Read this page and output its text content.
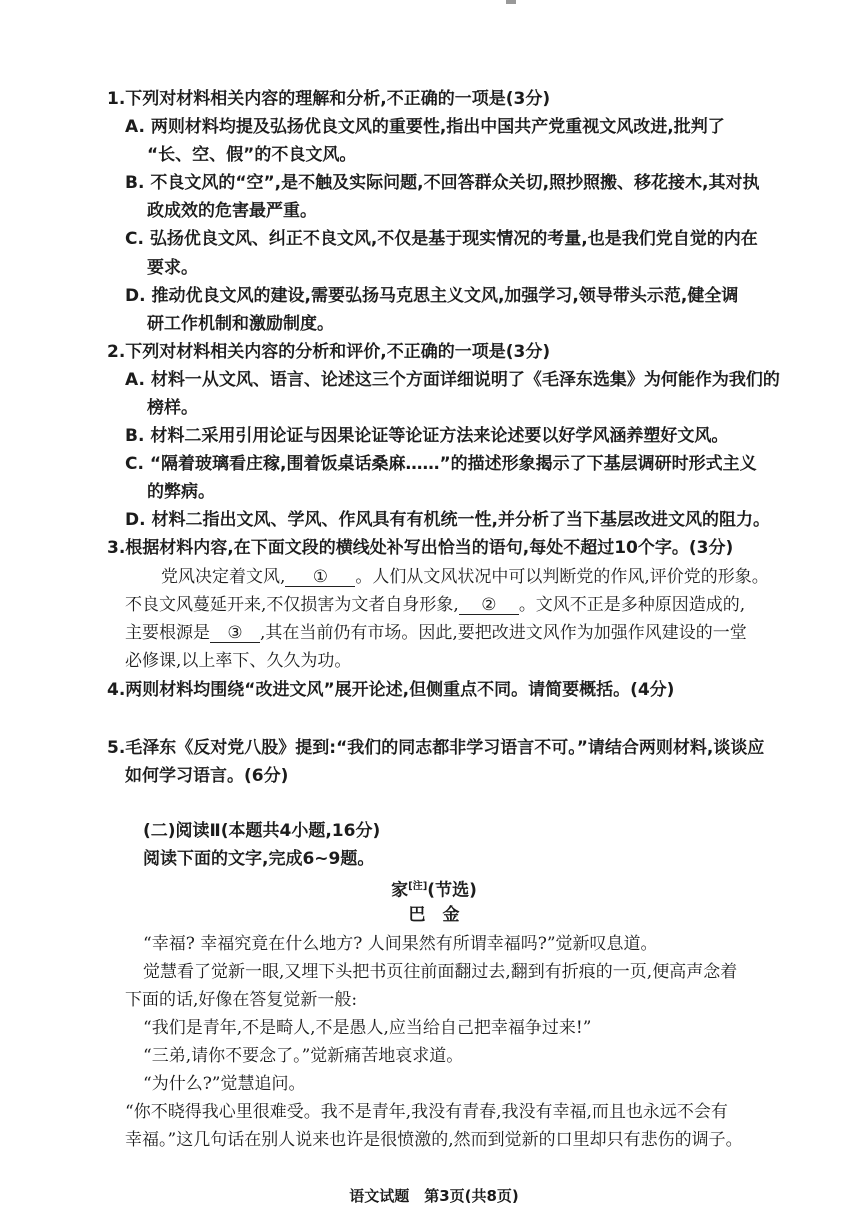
1.下列对材料相关内容的理解和分析,不正确的一项是(3分)
A. 两则材料均提及弘扬优良文风的重要性,指出中国共产党重视文风改进,批判了
“长、空、假”的不良文风。
B. 不良文风的“空”,是不触及实际问题,不回答群众关切,照抄照搬、移花接木,其对执
政成效的危害最严重。
C. 弘扬优良文风、纠正不良文风,不仅是基于现实情况的考量,也是我们党自觉的内在
要求。
D. 推动优良文风的建设,需要弘扬马克思主义文风,加强学习,领导带头示范,健全调
研工作机制和激励制度。
2.下列对材料相关内容的分析和评价,不正确的一项是(3分)
A. 材料一从文风、语言、论述这三个方面详细说明了《毛泽东选集》为何能作为我们的
榜样。
B. 材料二采用引用论证与因果论证等论证方法来论述要以好学风涵养塑好文风。
C. “隔着玻璃看庄稼,围着饭桌话桑麻……”的描述形象揭示了下基层调研时形式主义
的弊病。
D. 材料二指出文风、学风、作风具有有机统一性,并分析了当下基层改进文风的阻力。
3.根据材料内容,在下面文段的横线处补写出恰当的语句,每处不超过10个字。(3分)
党风决定着文风, ① 。人们从文风状况中可以判断党的作风,评价党的形象。
不良文风蔓延开来,不仅损害为文者自身形象, ② 。文风不正是多种原因造成的,
主要根源是 ③ ,其在当前仍有市场。因此,要把改进文风作为加强作风建设的一堂
必修课,以上率下、久久为功。
4.两则材料均围绕“改进文风”展开论述,但侧重点不同。请简要概括。(4分)
5.毛泽东《反对党八股》提到:“我们的同志都非学习语言不可。”请结合两则材料,谈谈应
如何学习语言。(6分)
(二)阅读Ⅱ(本题共4小题,16分)
阅读下面的文字,完成6~9题。
家[注](节选)
巴　金
“幸福? 幸福究竟在什么地方? 人间果然有所谓幸福吗?”觉新叹息道。
觉慧看了觉新一眼,又埋下头把书页往前面翻过去,翻到有折痕的一页,便高声念着
下面的话,好像在答复觉新一般:
“我们是青年,不是畸人,不是愚人,应当给自己把幸福争过来!”
“三弟,请你不要念了。”觉新痛苦地哀求道。
“为什么?”觉慧追问。
“你不晓得我心里很难受。我不是青年,我没有青春,我没有幸福,而且也永远不会有
幸福。”这几句话在别人说来也许是很愤激的,然而到觉新的口里却只有悲伤的调子。
语文试题　第3页(共8页)
